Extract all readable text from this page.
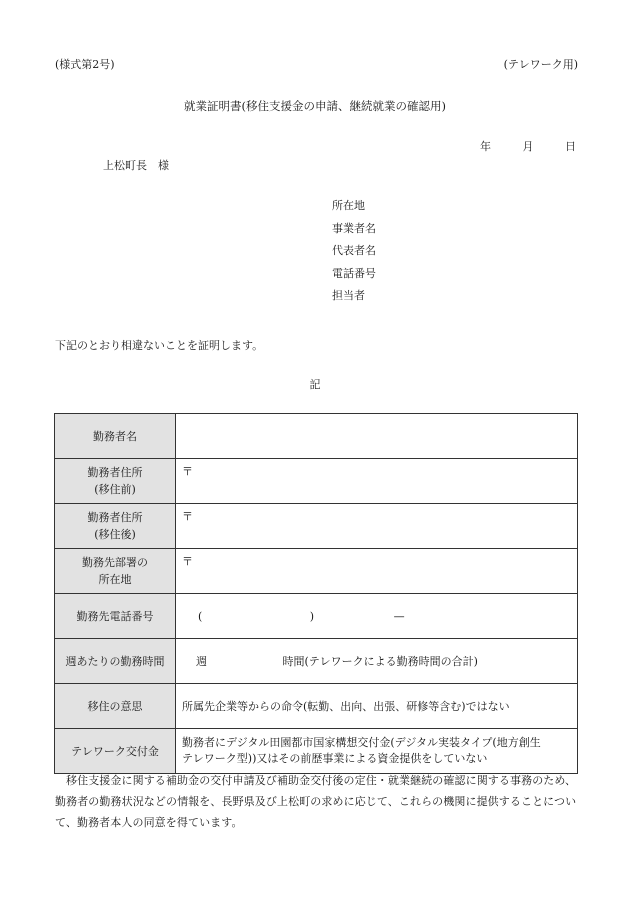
(様式第2号)	(テレワーク用)
就業証明書(移住支援金の申請、継続就業の確認用)
年	月	日
上松町長　様
所在地
事業者名
代表者名
電話番号
担当者
下記のとおり相違ないことを証明します。
記
勤務者名	

勤務者住所
(移住前)	〒

勤務者住所
(移住後)	〒

勤務先部署の
所在地	〒
勤務先電話番号	( ) —
週あたりの勤務時間	週 時間(テレワークによる勤務時間の合計)
移住の意思	所属先企業等からの命令(転勤、出向、出張、研修等含む)ではない
テレワーク交付金	勤務者にデジタル田園都市国家構想交付金(デジタル実装タイプ(地方創生
テレワーク型))又はその前歴事業による資金提供をしていない
移住支援金に関する補助金の交付申請及び補助金交付後の定住・就業継続の確認に関する事務のため、勤務者の勤務状況などの情報を、長野県及び上松町の求めに応じて、これらの機関に提供することについて、勤務者本人の同意を得ています。
